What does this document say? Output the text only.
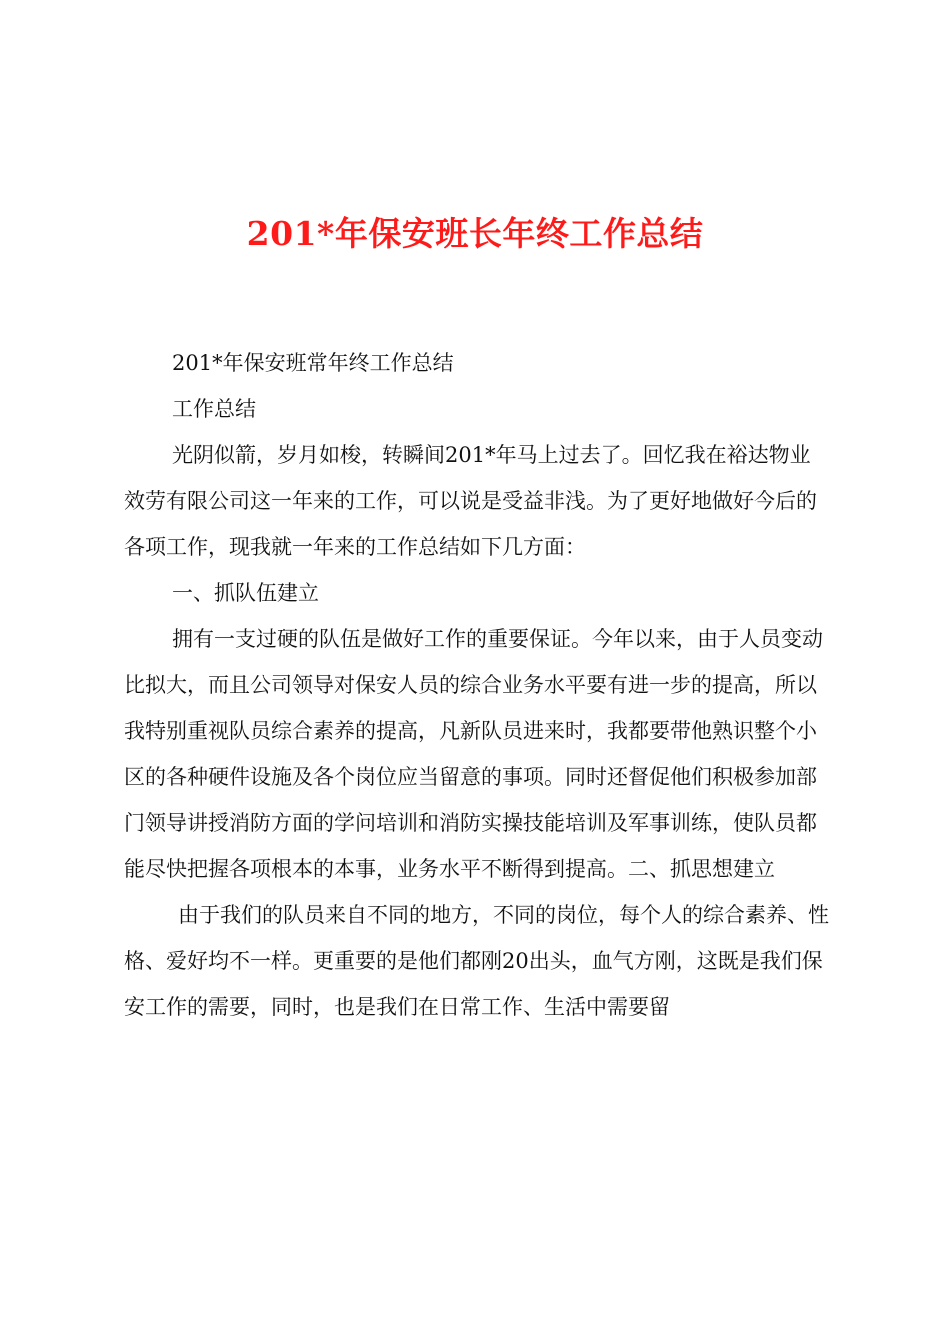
201*年保安班长年终工作总结

201*年保安班常年终工作总结

工作总结

光阴似箭，岁月如梭，转瞬间201*年马上过去了。回忆我在裕达物业效劳有限公司这一年来的工作，可以说是受益非浅。为了更好地做好今后的各项工作，现我就一年来的工作总结如下几方面：

一、抓队伍建立

拥有一支过硬的队伍是做好工作的重要保证。今年以来，由于人员变动比拟大，而且公司领导对保安人员的综合业务水平要有进一步的提高，所以我特别重视队员综合素养的提高，凡新队员进来时，我都要带他熟识整个小区的各种硬件设施及各个岗位应当留意的事项。同时还督促他们积极参加部门领导讲授消防方面的学问培训和消防实操技能培训及军事训练，使队员都能尽快把握各项根本的本事，业务水平不断得到提高。二、抓思想建立

由于我们的队员来自不同的地方，不同的岗位，每个人的综合素养、性格、爱好均不一样。更重要的是他们都刚20出头，血气方刚，这既是我们保安工作的需要，同时，也是我们在日常工作、生活中需要留
